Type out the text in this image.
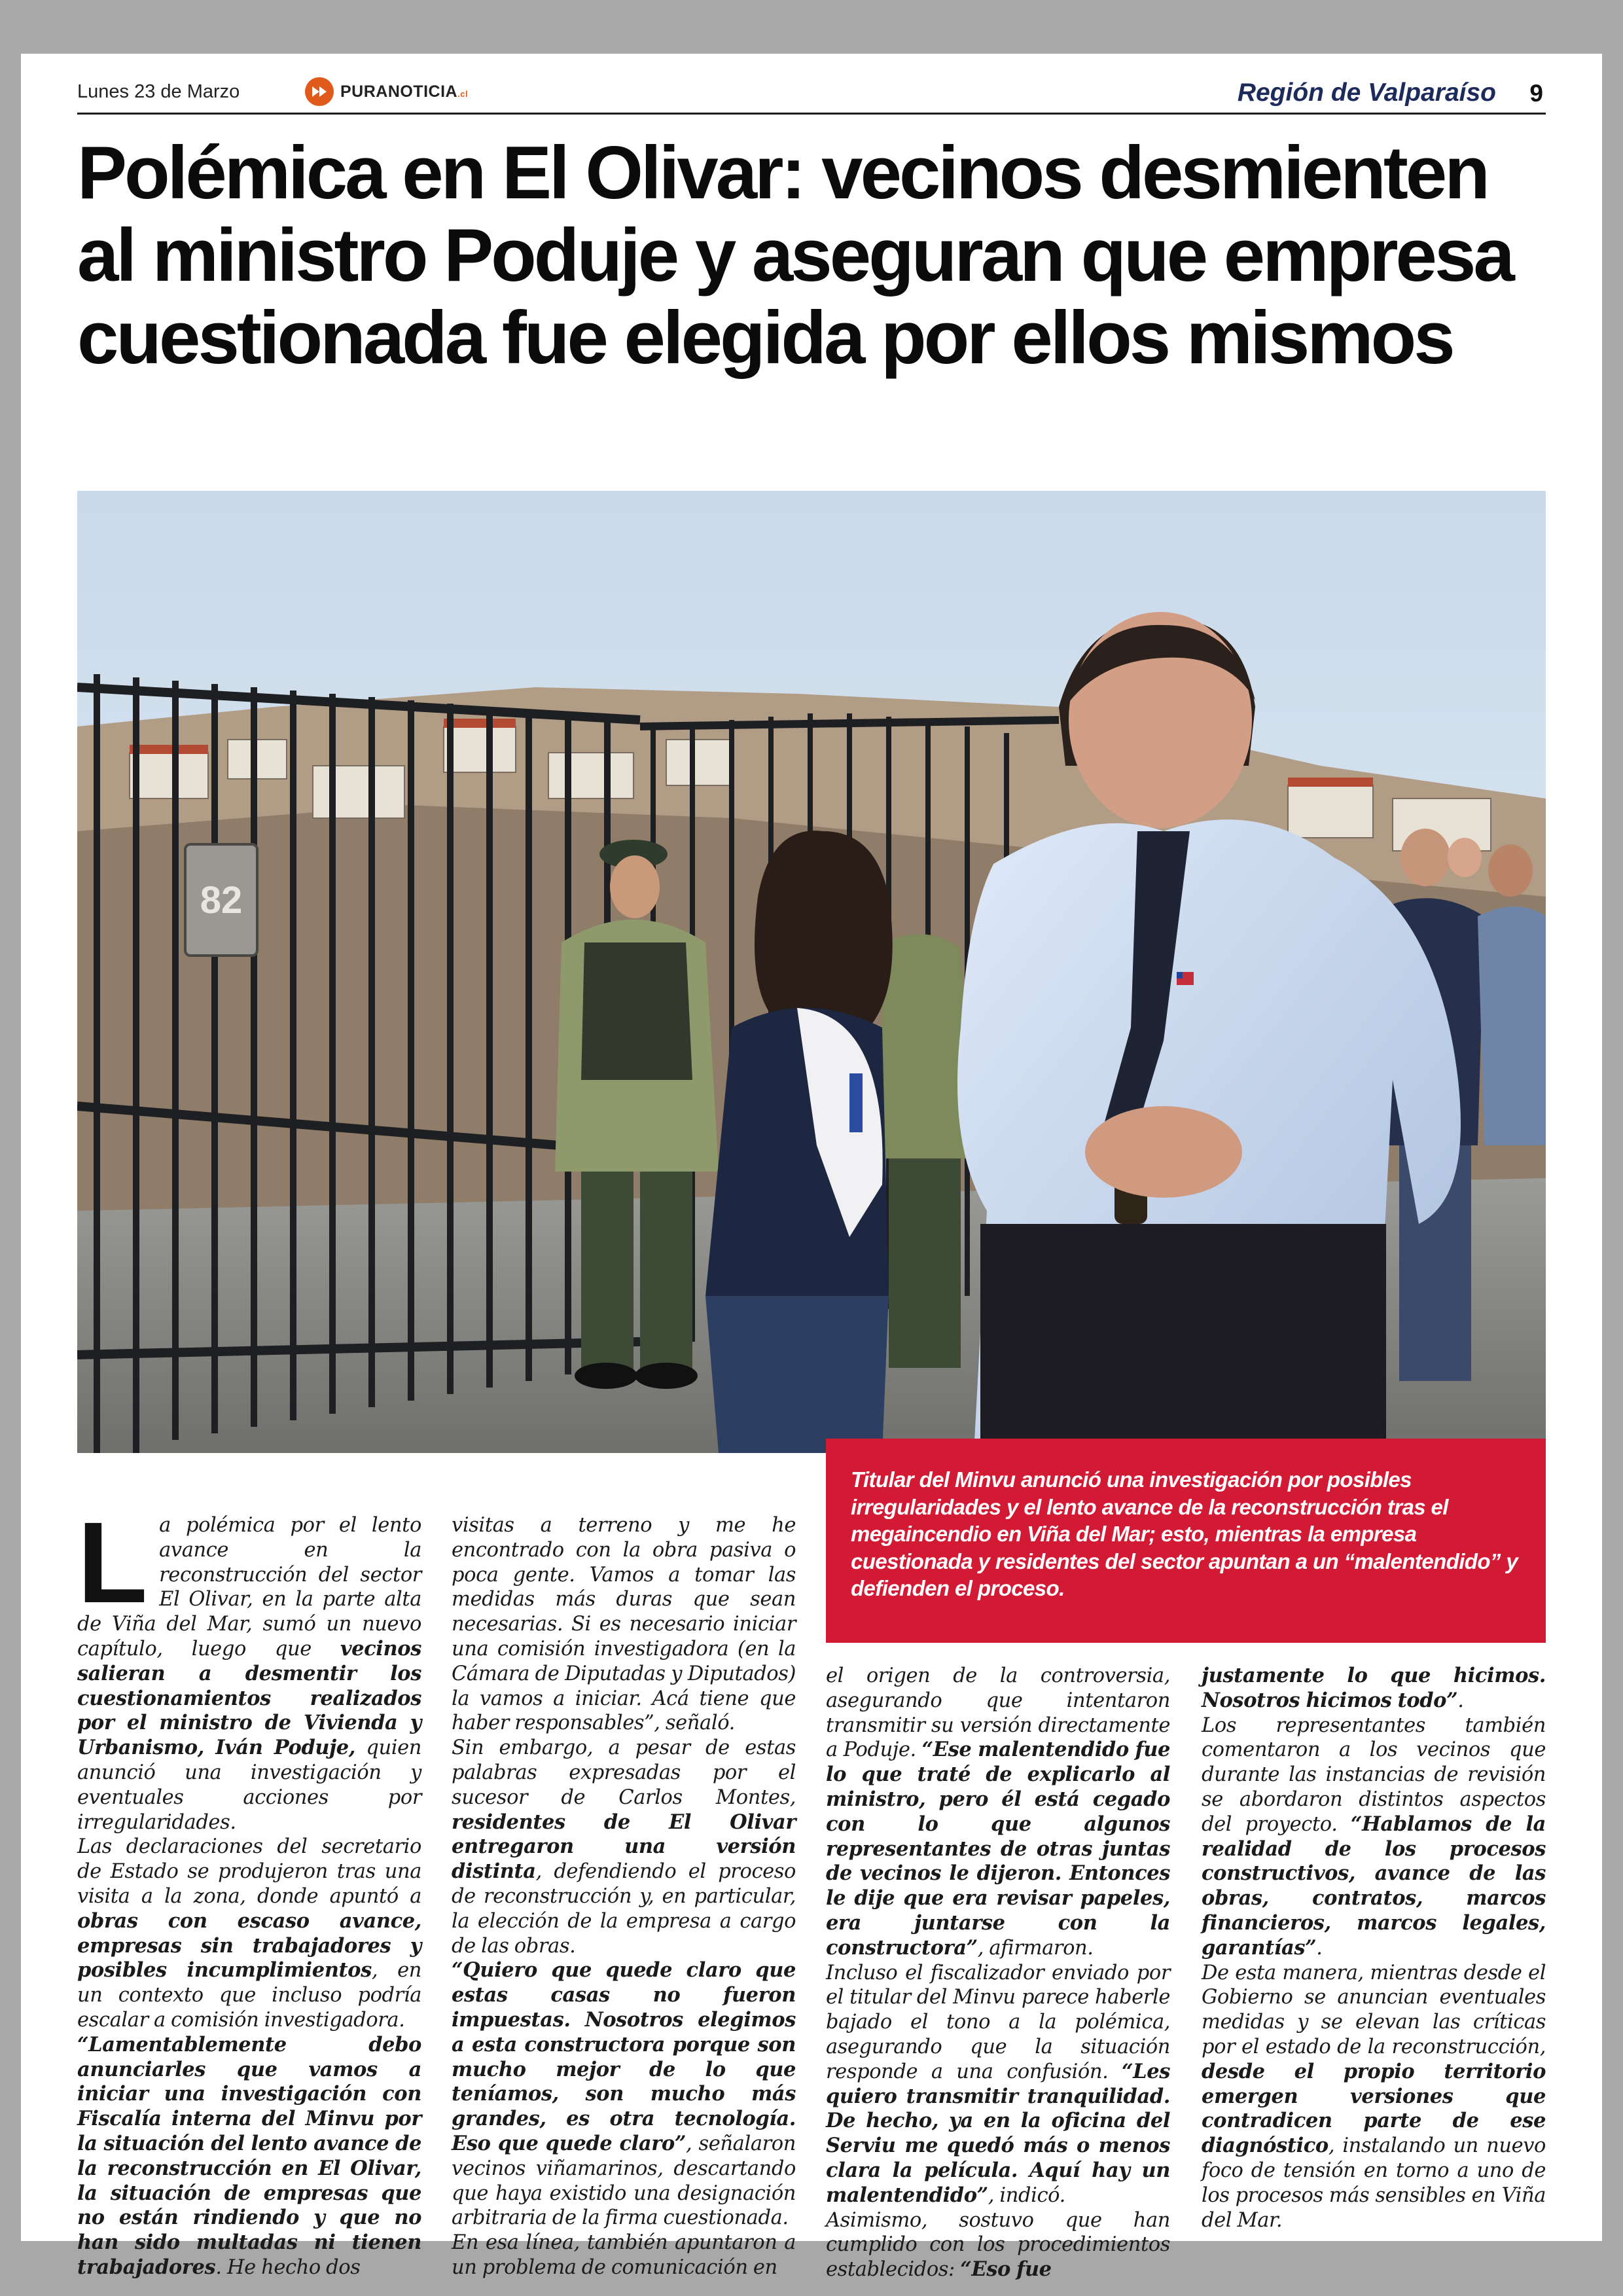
Lunes 23 de Marzo	PURANOTICIA.cl	Región de Valparaíso 9
Polémica en El Olivar: vecinos desmienten al ministro Poduje y aseguran que empresa cuestionada fue elegida por ellos mismos
82

Titular del Minvu anunció una investigación por posibles irregularidades y el lento avance de la reconstrucción tras el megaincendio en Viña del Mar; esto, mientras la empresa cuestionada y residentes del sector apuntan a un “malentendido” y defienden el proceso.

L a polémica por el lento avance en la reconstrucción del sector El Olivar, en la parte alta de Viña del Mar, sumó un nuevo capítulo, luego que vecinos salieran a desmentir los cuestionamientos realizados por el ministro de Vivienda y Urbanismo, Iván Poduje, quien anunció una investigación y eventuales acciones por irregularidades.
Las declaraciones del secretario de Estado se produjeron tras una visita a la zona, donde apuntó a obras con escaso avance, empresas sin trabajadores y posibles incumplimientos, en un contexto que incluso podría escalar a comisión investigadora.
“Lamentablemente	debo anunciarles que vamos a iniciar una investigación con Fiscalía interna del Minvu por la situación del lento avance de la reconstrucción en El Olivar, la situación de empresas que no están rindiendo y que no han sido multadas ni tienen trabajadores. He hecho dos
visitas a terreno y me he encontrado con la obra pasiva o poca gente. Vamos a tomar las medidas más duras que sean necesarias. Si es necesario iniciar una comisión investigadora (en la Cámara de Diputadas y Diputados) la vamos a iniciar. Acá tiene que haber responsables”, señaló.
Sin embargo, a pesar de estas palabras expresadas por el sucesor de Carlos Montes, residentes de El Olivar entregaron	una	versión distinta, defendiendo el proceso de reconstrucción y, en particular, la elección de la empresa a cargo de las obras.
“Quiero que quede claro que estas casas no fueron impuestas. Nosotros elegimos a esta constructora porque son mucho mejor de lo que teníamos, son mucho más grandes, es otra tecnología. Eso que quede claro”, señalaron vecinos viñamarinos, descartando que haya existido una designación arbitraria de la firma cuestionada.
En esa línea, también apuntaron a un problema de comunicación en
el origen de la controversia, asegurando que intentaron transmitir su versión directamente a Poduje. “Ese malentendido fue lo que traté de explicarlo al ministro, pero él está cegado con	lo	que	algunos representantes de otras juntas de vecinos le dijeron. Entonces le dije que era revisar papeles, era	juntarse	con	la constructora”, afirmaron.
Incluso el fiscalizador enviado por el titular del Minvu parece haberle bajado el tono a la polémica, asegurando que la situación responde a una confusión. “Les quiero transmitir tranquilidad. De hecho, ya en la oficina del Serviu me quedó más o menos clara la película. Aquí hay un malentendido”, indicó.
Asimismo, sostuvo que han cumplido con los procedimientos establecidos: “Eso fue
justamente lo que hicimos. Nosotros hicimos todo”.
Los representantes también comentaron a los vecinos que durante las instancias de revisión se abordaron distintos aspectos del proyecto. “Hablamos de la realidad de los procesos constructivos, avance de las obras, contratos, marcos financieros, marcos legales, garantías”.
De esta manera, mientras desde el Gobierno se anuncian eventuales medidas y se elevan las críticas por el estado de la reconstrucción, desde el propio territorio emergen	versiones	que contradicen parte de ese diagnóstico, instalando un nuevo foco de tensión en torno a uno de los procesos más sensibles en Viña del Mar.
